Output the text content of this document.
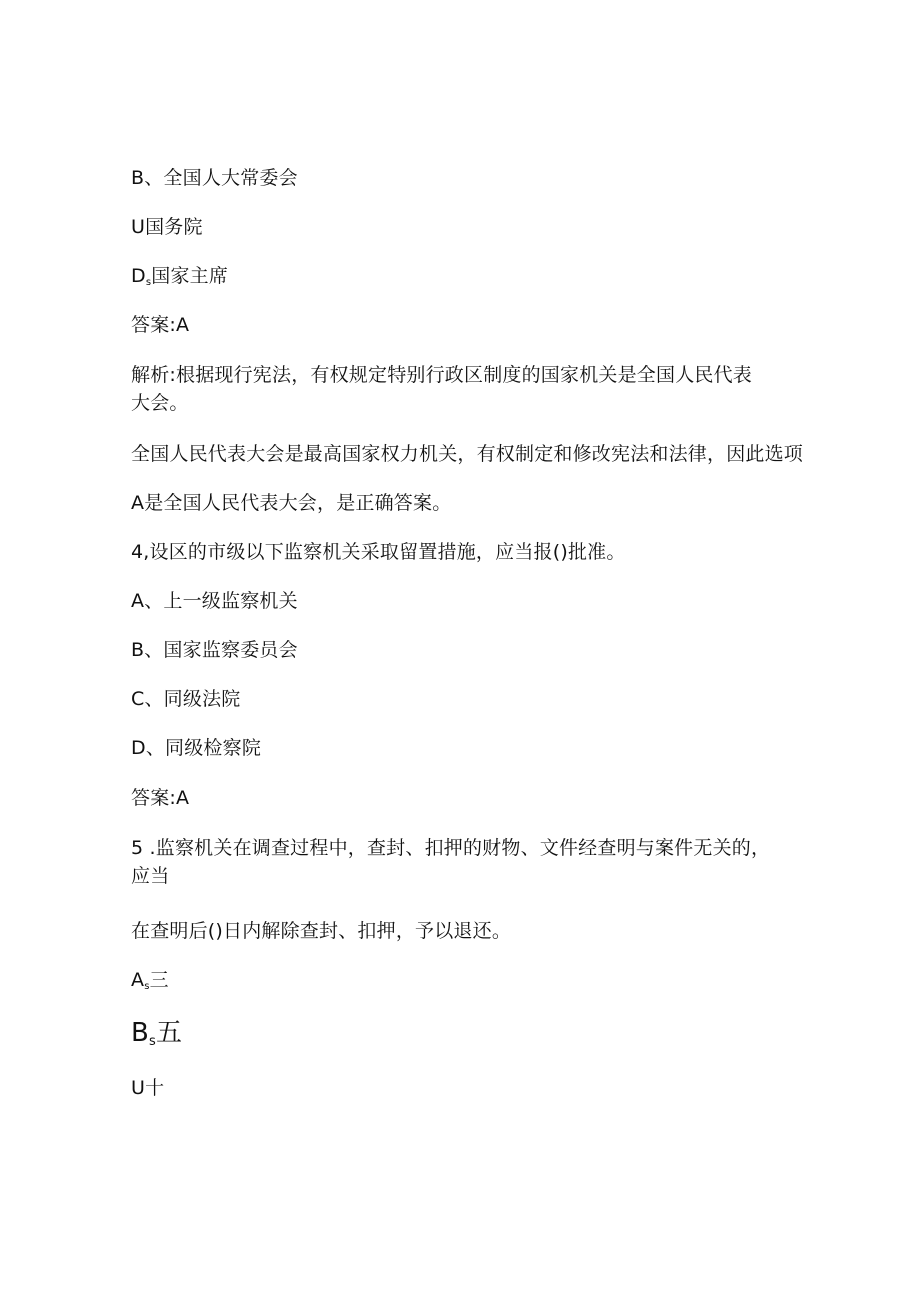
B、全国人大常委会
U国务院
$D_s$国家主席
答案:A
解析:根据现行宪法，有权规定特别行政区制度的国家机关是全国人民代表大会。
全国人民代表大会是最高国家权力机关，有权制定和修改宪法和法律，因此选项
A是全国人民代表大会，是正确答案。
4,设区的市级以下监察机关采取留置措施，应当报()批准。
A、上一级监察机关
B、国家监察委员会
C、同级法院
D、同级检察院
答案:A
5 .监察机关在调查过程中，查封、扣押的财物、文件经查明与案件无关的，应当
在查明后()日内解除查封、扣押，予以退还。
$A_s$三
$B_s$五
U十
